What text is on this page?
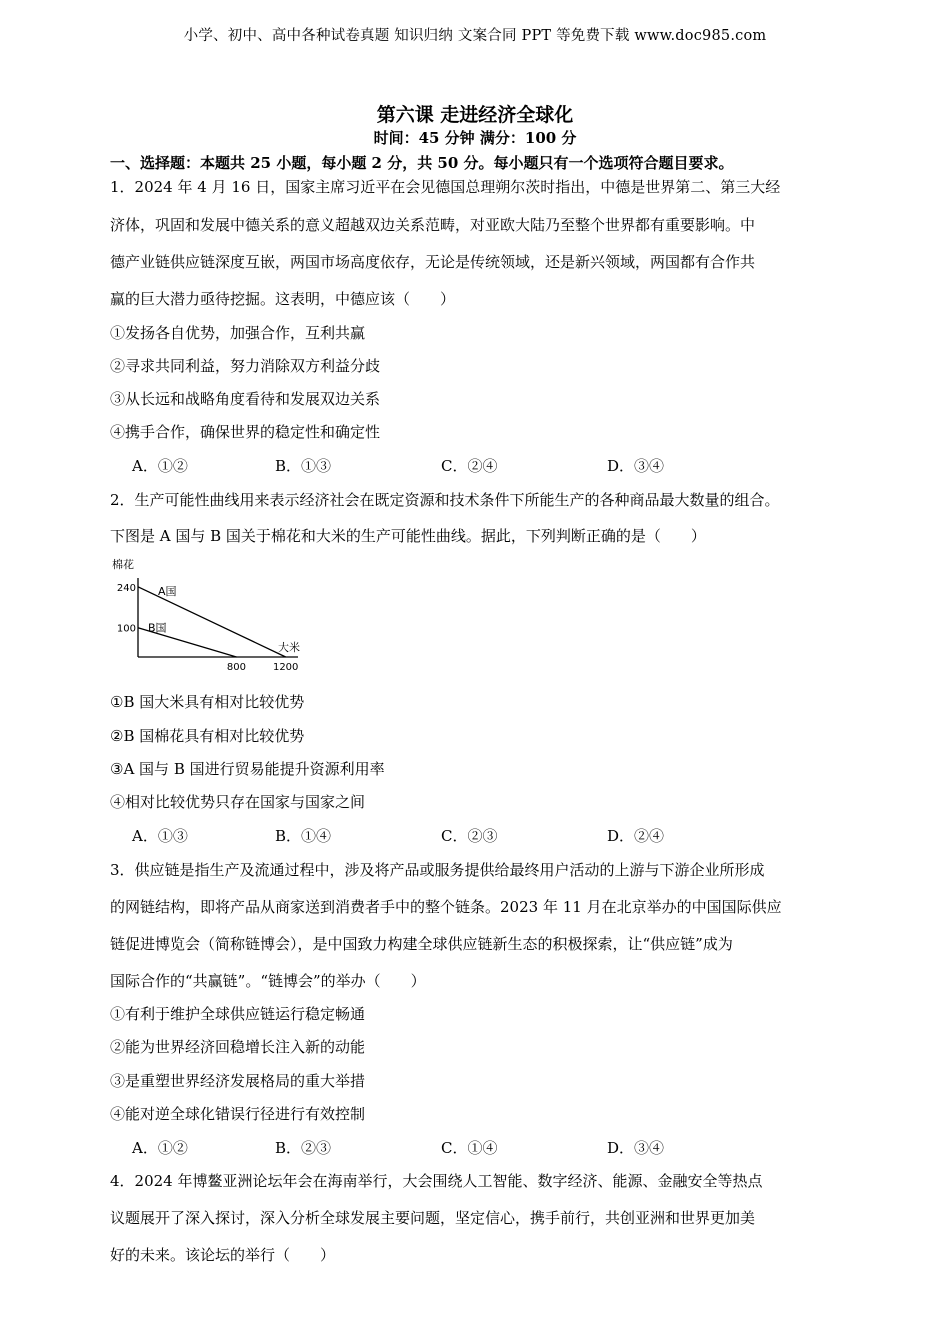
小学、初中、高中各种试卷真题 知识归纳 文案合同 PPT 等免费下载 www.doc985.com
第六课 走进经济全球化
时间：45 分钟 满分：100 分
一、选择题：本题共 25 小题，每小题 2 分，共 50 分。每小题只有一个选项符合题目要求。
1．2024 年 4 月 16 日，国家主席习近平在会见德国总理朔尔茨时指出，中德是世界第二、第三大经
济体，巩固和发展中德关系的意义超越双边关系范畴，对亚欧大陆乃至整个世界都有重要影响。中
德产业链供应链深度互嵌，两国市场高度依存，无论是传统领域，还是新兴领域，两国都有合作共
赢的巨大潜力亟待挖掘。这表明，中德应该（　　）
①发扬各自优势，加强合作，互利共赢
②寻求共同利益，努力消除双方利益分歧
③从长远和战略角度看待和发展双边关系
④携手合作，确保世界的稳定性和确定性
A．①②	B．①③	C．②④	D．③④
2．生产可能性曲线用来表示经济社会在既定资源和技术条件下所能生产的各种商品最大数量的组合。
下图是 A 国与 B 国关于棉花和大米的生产可能性曲线。据此，下列判断正确的是（　　）
棉花
大米
240
100
800	1200
A国
B国
①B 国大米具有相对比较优势
②B 国棉花具有相对比较优势
③A 国与 B 国进行贸易能提升资源利用率
④相对比较优势只存在国家与国家之间
A．①③	B．①④	C．②③	D．②④
3．供应链是指生产及流通过程中，涉及将产品或服务提供给最终用户活动的上游与下游企业所形成
的网链结构，即将产品从商家送到消费者手中的整个链条。2023 年 11 月在北京举办的中国国际供应
链促进博览会（简称链博会），是中国致力构建全球供应链新生态的积极探索，让“供应链”成为
国际合作的“共赢链”。“链博会”的举办（　　）
①有利于维护全球供应链运行稳定畅通
②能为世界经济回稳增长注入新的动能
③是重塑世界经济发展格局的重大举措
④能对逆全球化错误行径进行有效控制
A．①②	B．②③	C．①④	D．③④
4．2024 年博鳌亚洲论坛年会在海南举行，大会围绕人工智能、数字经济、能源、金融安全等热点
议题展开了深入探讨，深入分析全球发展主要问题，坚定信心，携手前行，共创亚洲和世界更加美
好的未来。该论坛的举行（　　）
